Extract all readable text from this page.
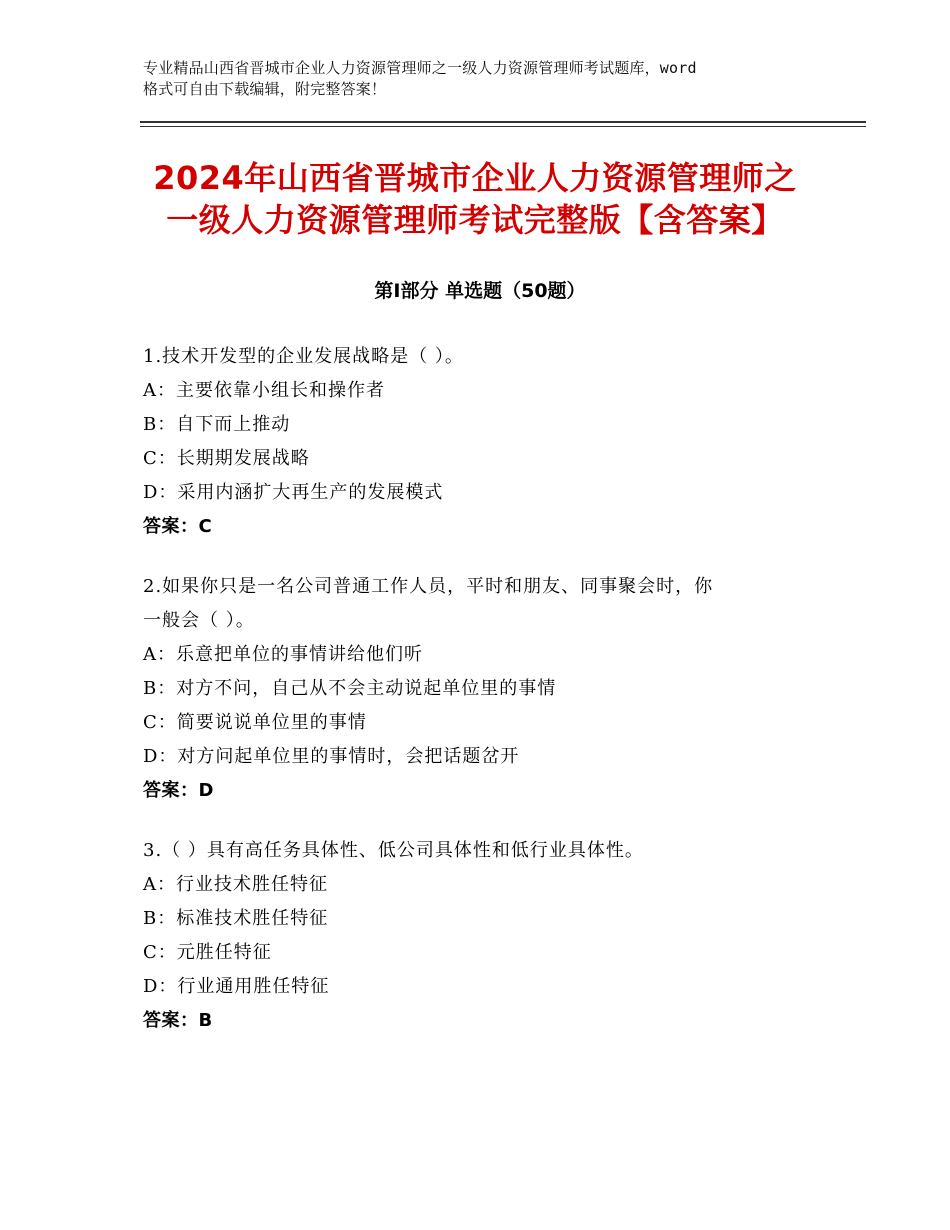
专业精品山西省晋城市企业人力资源管理师之一级人力资源管理师考试题库，word
格式可自由下载编辑，附完整答案！
2024年山西省晋城市企业人力资源管理师之
一级人力资源管理师考试完整版【含答案】
第Ⅰ部分 单选题（50题）
1.技术开发型的企业发展战略是（ ）。
A：主要依靠小组长和操作者
B：自下而上推动
C：长期期发展战略
D：采用内涵扩大再生产的发展模式
答案：C
2.如果你只是一名公司普通工作人员，平时和朋友、同事聚会时，你
一般会（ ）。
A：乐意把单位的事情讲给他们听
B：对方不问，自己从不会主动说起单位里的事情
C：简要说说单位里的事情
D：对方问起单位里的事情时，会把话题岔开
答案：D
3.（ ）具有高任务具体性、低公司具体性和低行业具体性。
A：行业技术胜任特征
B：标准技术胜任特征
C：元胜任特征
D：行业通用胜任特征
答案：B
